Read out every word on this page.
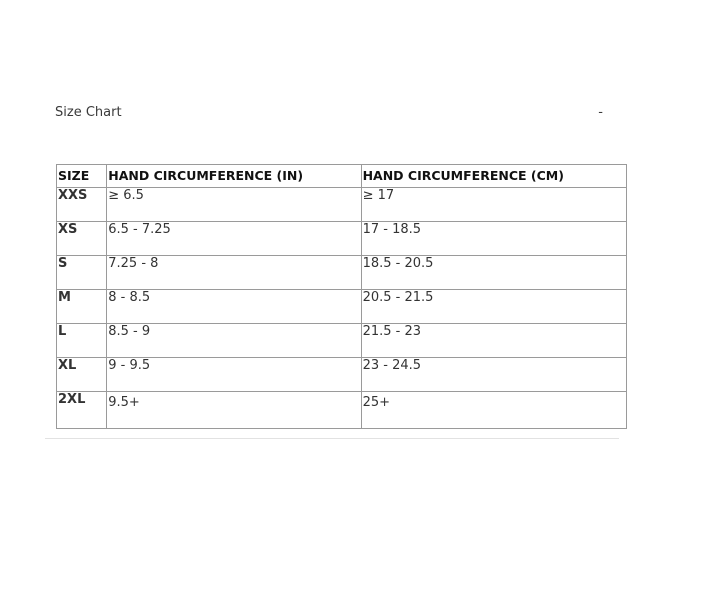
Size Chart	-
SIZE	HAND CIRCUMFERENCE (IN)	HAND CIRCUMFERENCE (CM)
XXS	≥ 6.5	≥ 17
XS	6.5 - 7.25	17 - 18.5
S	7.25 - 8	18.5 - 20.5
M	8 - 8.5	20.5 - 21.5
L	8.5 - 9	21.5 - 23
XL	9 - 9.5	23 - 24.5
2XL	9.5+	25+
